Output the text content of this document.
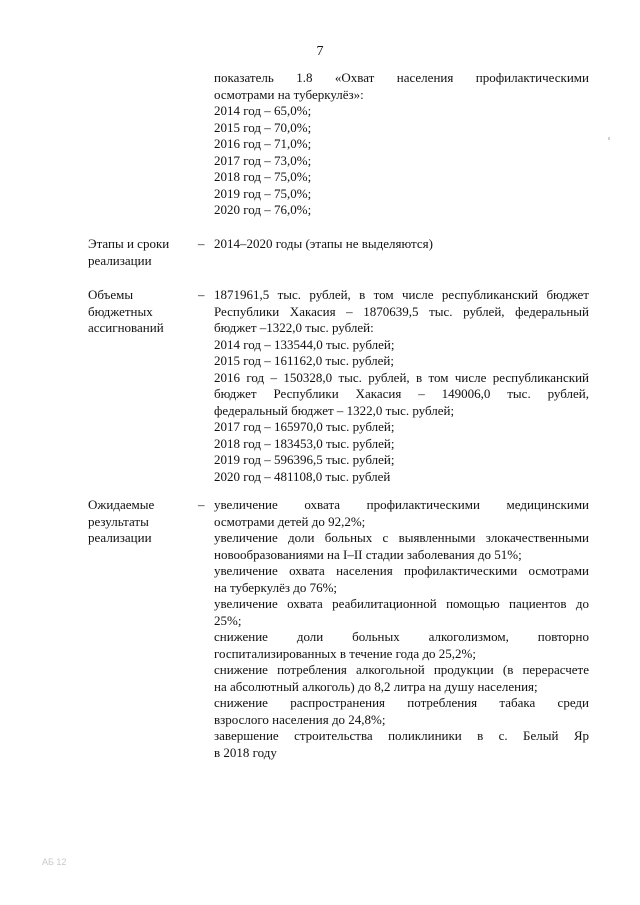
7
показатель 1.8 «Охват населения профилактическими
осмотрами на туберкулёз»:
2014 год – 65,0%;
2015 год – 70,0%;
2016 год – 71,0%;
2017 год – 73,0%;
2018 год – 75,0%;
2019 год – 75,0%;
2020 год – 76,0%;
Этапы и сроки
реализации
– 2014–2020 годы (этапы не выделяются)
Объемы
бюджетных
ассигнований
– 1871961,5 тыс. рублей, в том числе республиканский бюджет
Республики Хакасия – 1870639,5 тыс. рублей, федеральный
бюджет –1322,0 тыс. рублей:
2014 год – 133544,0 тыс. рублей;
2015 год – 161162,0 тыс. рублей;
2016 год – 150328,0 тыс. рублей, в том числе республиканский
бюджет Республики Хакасия – 149006,0 тыс. рублей,
федеральный бюджет – 1322,0 тыс. рублей;
2017 год – 165970,0 тыс. рублей;
2018 год – 183453,0 тыс. рублей;
2019 год – 596396,5 тыс. рублей;
2020 год – 481108,0 тыс. рублей
Ожидаемые
результаты
реализации
– увеличение охвата профилактическими медицинскими
осмотрами детей до 92,2%;
увеличение доли больных с выявленными злокачественными
новообразованиями на I–II стадии заболевания до 51%;
увеличение охвата населения профилактическими осмотрами
на туберкулёз до 76%;
увеличение охвата реабилитационной помощью пациентов до
25%;
снижение доли больных алкоголизмом, повторно
госпитализированных в течение года до 25,2%;
снижение потребления алкогольной продукции (в перерасчете
на абсолютный алкоголь) до 8,2 литра на душу населения;
снижение распространения потребления табака среди
взрослого населения до 24,8%;
завершение строительства поликлиники в с. Белый Яр
в 2018 году
АБ 12
